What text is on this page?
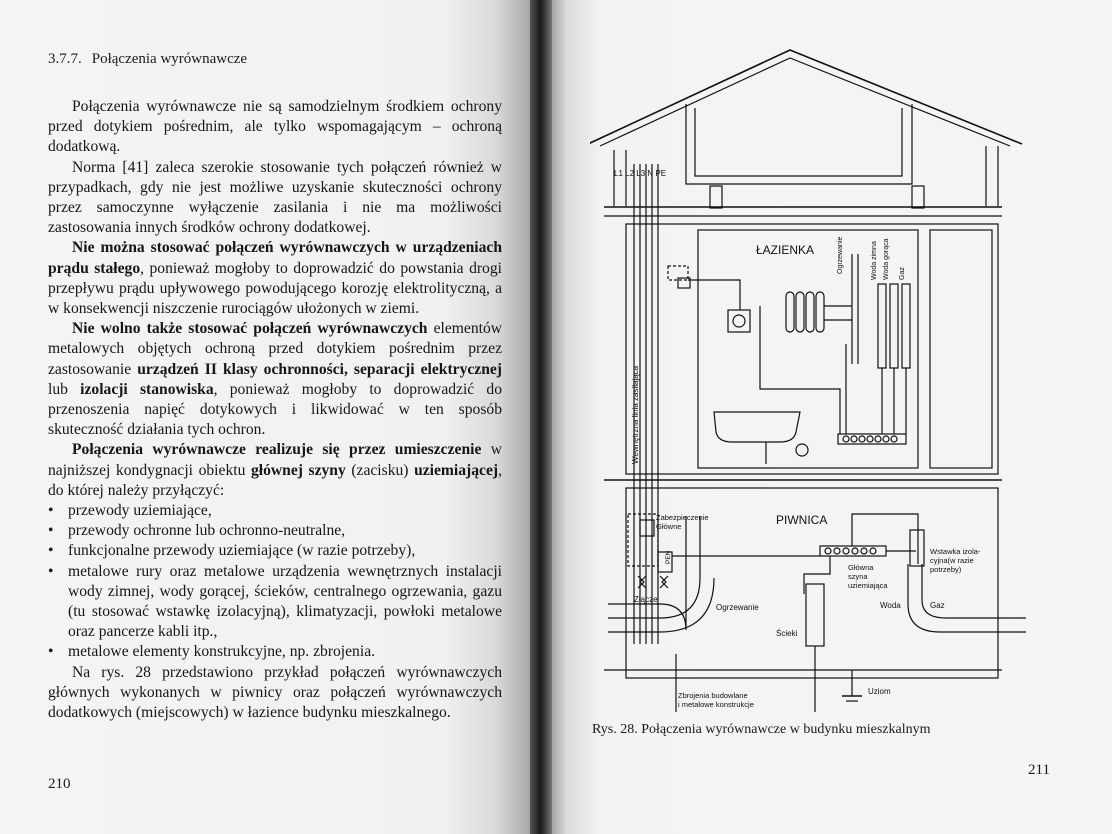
3.7.7. Połączenia wyrównawcze

Połączenia wyrównawcze nie są samodzielnym środkiem ochrony przed dotykiem pośrednim, ale tylko wspomagającym – ochroną dodatkową.

Norma [41] zaleca szerokie stosowanie tych połączeń również w przypadkach, gdy nie jest możliwe uzyskanie skuteczności ochrony przez samoczynne wyłączenie zasilania i nie ma możliwości zastosowania innych środków ochrony dodatkowej.

Nie można stosować połączeń wyrównawczych w urządzeniach prądu stałego, ponieważ mogłoby to doprowadzić do powstania drogi przepływu prądu upływowego powodującego korozję elektrolityczną, a w konsekwencji niszczenie rurociągów ułożonych w ziemi.

Nie wolno także stosować połączeń wyrównawczych elementów metalowych objętych ochroną przed dotykiem pośrednim przez zastosowanie urządzeń II klasy ochronności, separacji elektrycznej lub izolacji stanowiska, ponieważ mogłoby to doprowadzić do przenoszenia napięć dotykowych i likwidować w ten sposób skuteczność działania tych ochron.

Połączenia wyrównawcze realizuje się przez umieszczenie w najniższej kondygnacji obiektu głównej szyny (zacisku) uziemiającej, do której należy przyłączyć:

• przewody uziemiające,
• przewody ochronne lub ochronno-neutralne,
• funkcjonalne przewody uziemiające (w razie potrzeby),
• metalowe rury oraz metalowe urządzenia wewnętrznych instalacji wody zimnej, wody gorącej, ścieków, centralnego ogrzewania, gazu (tu stosować wstawkę izolacyjną), klimatyzacji, powłoki metalowe oraz pancerze kabli itp.,
• metalowe elementy konstrukcyjne, np. zbrojenia.

Na rys. 28 przedstawiono przykład połączeń wyrównawczych głównych wykonanych w piwnicy oraz połączeń wyrównawczych dodatkowych (miejscowych) w łazience budynku mieszkalnego.

210
ŁAZIENKA
PIWNICA
L1 L2 L3 N PE
Wewnętrzna linia zasilająca
Ogrzewanie	Woda zimna Woda gorąca Gaz
Zabezpieczenie
Główne
PEN
Złącze
Główna
szyna
uziemiająca
Wstawka izola-
cyjna(w razie
potrzeby)
Ogrzewanie
Ścieki
Woda	Gaz
Zbrojenia budowlane
i metalowe konstrukcje
Uziom
Rys. 28. Połączenia wyrównawcze w budynku mieszkalnym
211
